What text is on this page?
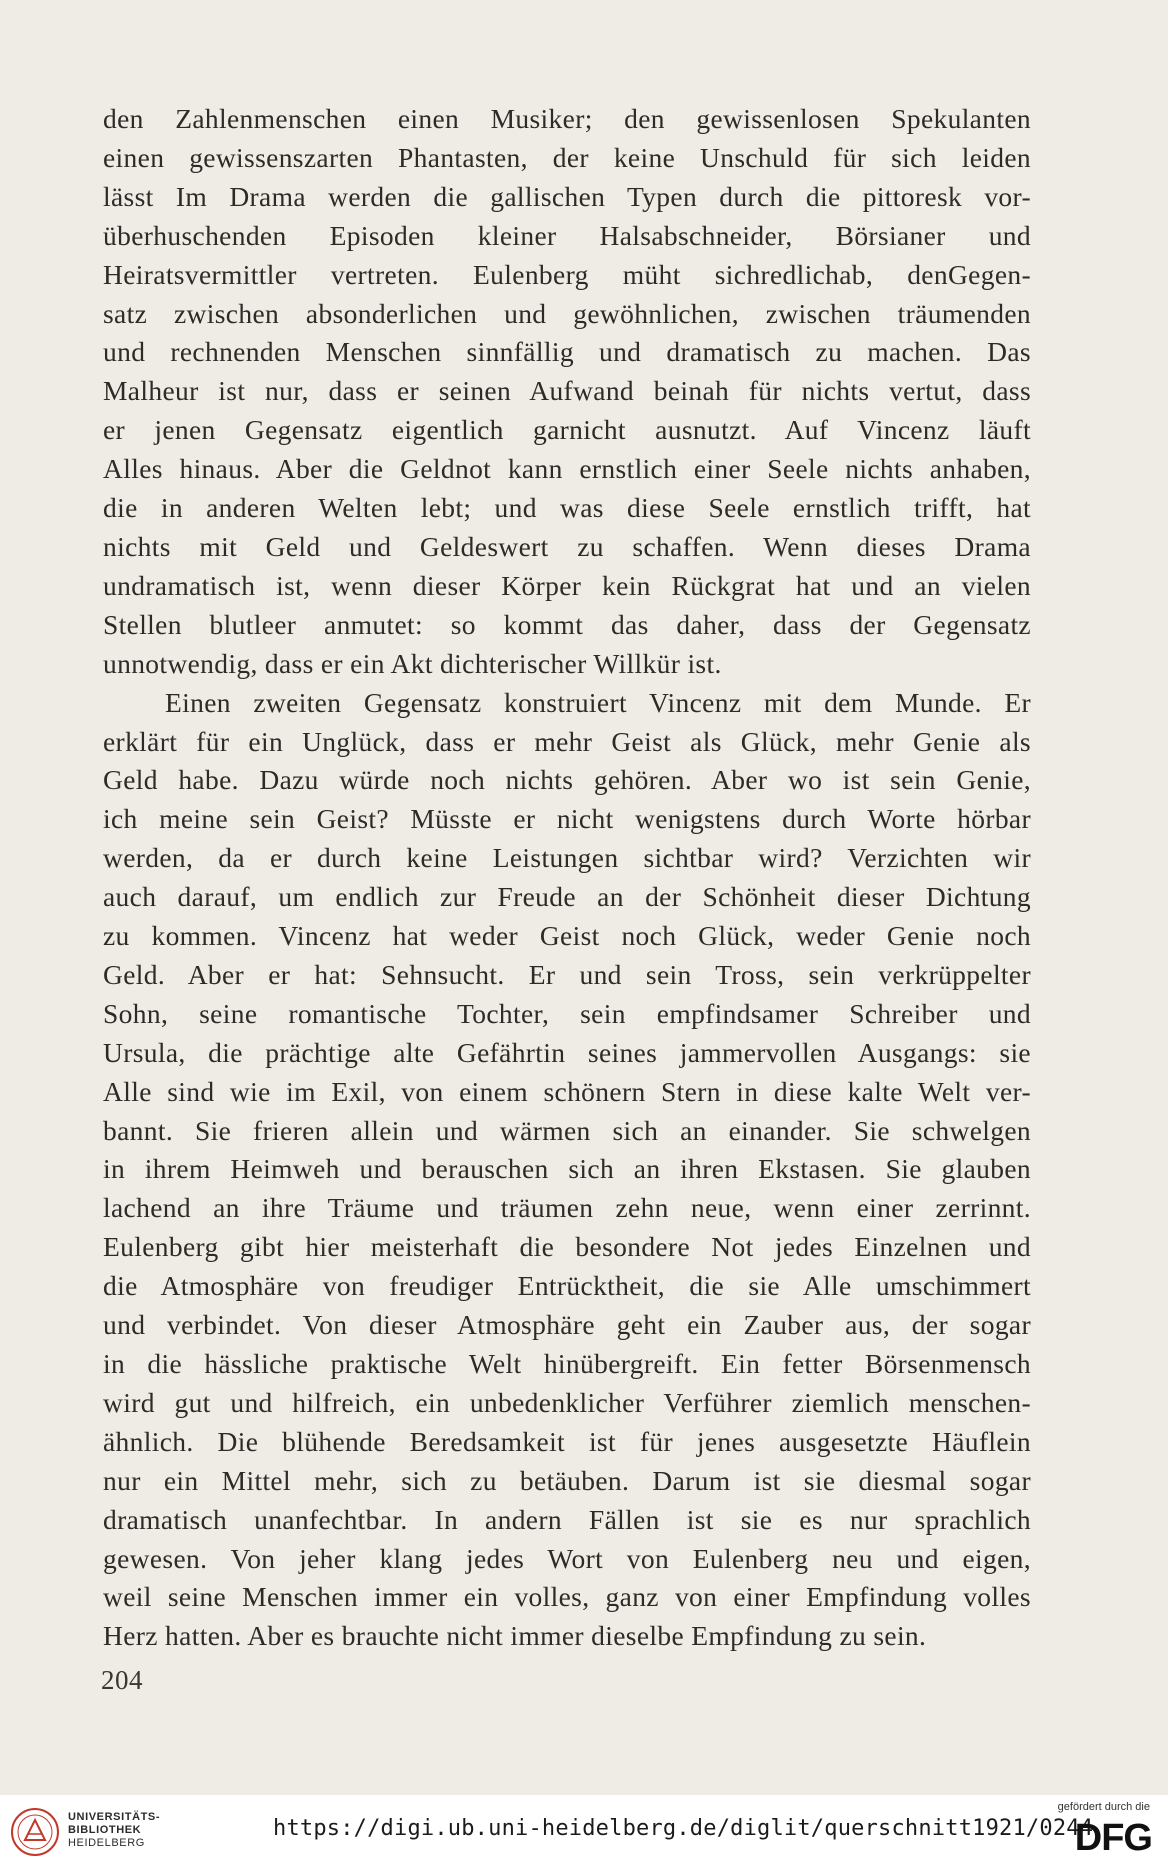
den Zahlenmenschen einen Musiker; den gewissenlosen Spekulanten
einen gewissenszarten Phantasten, der keine Unschuld für sich leiden
lässt Im Drama werden die gallischen Typen durch die pittoresk vor-
überhuschenden Episoden kleiner Halsabschneider, Börsianer und
Heiratsvermittler vertreten. Eulenberg müht sichredlichab, denGegen-
satz zwischen absonderlichen und gewöhnlichen, zwischen träumenden
und rechnenden Menschen sinnfällig und dramatisch zu machen. Das
Malheur ist nur, dass er seinen Aufwand beinah für nichts vertut, dass
er jenen Gegensatz eigentlich garnicht ausnutzt. Auf Vincenz läuft
Alles hinaus. Aber die Geldnot kann ernstlich einer Seele nichts anhaben,
die in anderen Welten lebt; und was diese Seele ernstlich trifft, hat
nichts mit Geld und Geldeswert zu schaffen. Wenn dieses Drama
undramatisch ist, wenn dieser Körper kein Rückgrat hat und an vielen
Stellen blutleer anmutet: so kommt das daher, dass der Gegensatz
unnotwendig, dass er ein Akt dichterischer Willkür ist.
Einen zweiten Gegensatz konstruiert Vincenz mit dem Munde. Er
erklärt für ein Unglück, dass er mehr Geist als Glück, mehr Genie als
Geld habe. Dazu würde noch nichts gehören. Aber wo ist sein Genie,
ich meine sein Geist? Müsste er nicht wenigstens durch Worte hörbar
werden, da er durch keine Leistungen sichtbar wird? Verzichten wir
auch darauf, um endlich zur Freude an der Schönheit dieser Dichtung
zu kommen. Vincenz hat weder Geist noch Glück, weder Genie noch
Geld. Aber er hat: Sehnsucht. Er und sein Tross, sein verkrüppelter
Sohn, seine romantische Tochter, sein empfindsamer Schreiber und
Ursula, die prächtige alte Gefährtin seines jammervollen Ausgangs: sie
Alle sind wie im Exil, von einem schönern Stern in diese kalte Welt ver-
bannt. Sie frieren allein und wärmen sich an einander. Sie schwelgen
in ihrem Heimweh und berauschen sich an ihren Ekstasen. Sie glauben
lachend an ihre Träume und träumen zehn neue, wenn einer zerrinnt.
Eulenberg gibt hier meisterhaft die besondere Not jedes Einzelnen und
die Atmosphäre von freudiger Entrücktheit, die sie Alle umschimmert
und verbindet. Von dieser Atmosphäre geht ein Zauber aus, der sogar
in die hässliche praktische Welt hinübergreift. Ein fetter Börsenmensch
wird gut und hilfreich, ein unbedenklicher Verführer ziemlich menschen-
ähnlich. Die blühende Beredsamkeit ist für jenes ausgesetzte Häuflein
nur ein Mittel mehr, sich zu betäuben. Darum ist sie diesmal sogar
dramatisch unanfechtbar. In andern Fällen ist sie es nur sprachlich
gewesen. Von jeher klang jedes Wort von Eulenberg neu und eigen,
weil seine Menschen immer ein volles, ganz von einer Empfindung volles
Herz hatten. Aber es brauchte nicht immer dieselbe Empfindung zu sein.
204
UNIVERSITÄTS-
BIBLIOTHEK
HEIDELBERG
https://digi.ub.uni-heidelberg.de/diglit/querschnitt1921/0244
gefördert durch die
DFG
